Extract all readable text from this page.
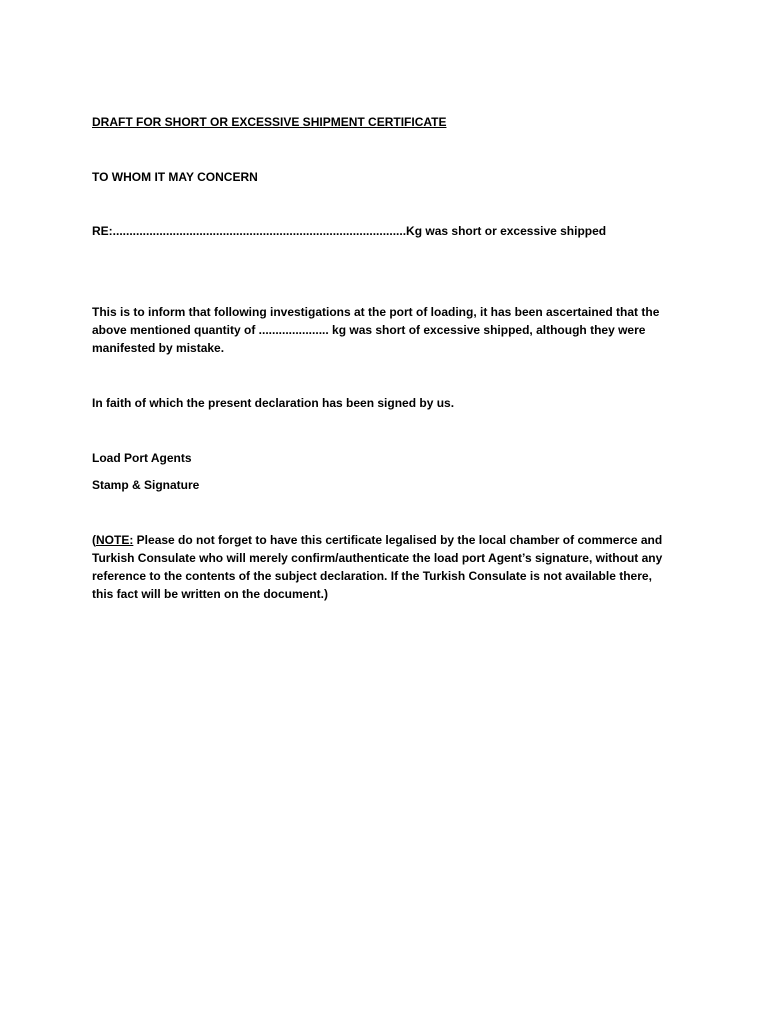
DRAFT FOR SHORT OR EXCESSIVE SHIPMENT CERTIFICATE
TO WHOM IT MAY CONCERN
RE:........................................................................................Kg was short or excessive shipped
This is to inform that following investigations at the port of loading, it has been ascertained that the
above mentioned quantity of ..................... kg was short of excessive shipped, although they were
manifested by mistake.
In faith of which the present declaration has been signed by us.
Load Port Agents
Stamp & Signature
(NOTE: Please do not forget to have this certificate legalised by the local chamber of commerce and
Turkish Consulate who will merely confirm/authenticate the load port Agent’s signature, without any
reference to the contents of the subject declaration. If the Turkish Consulate is not available there,
this fact will be written on the document.)
